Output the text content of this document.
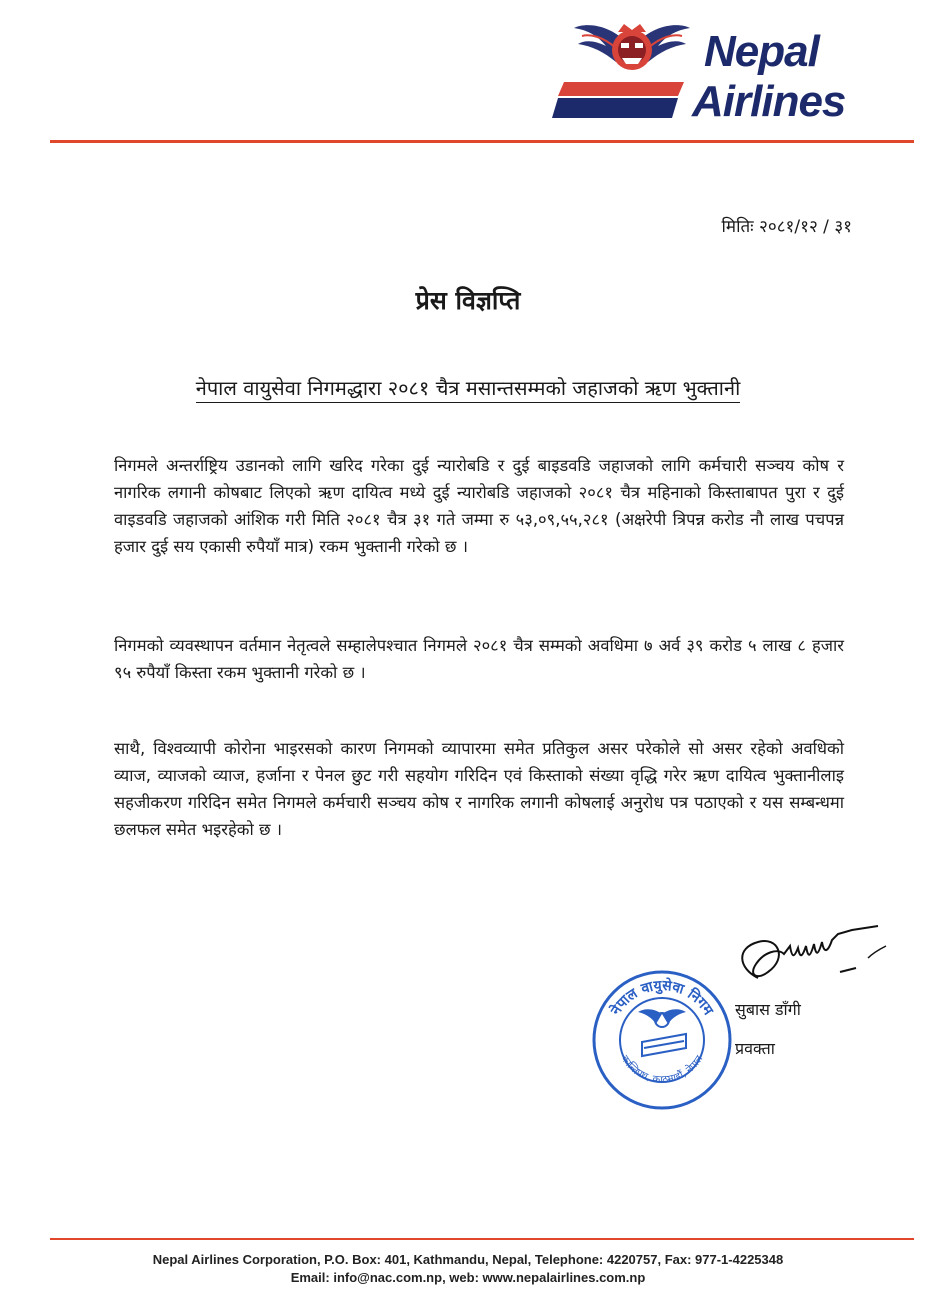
Nepal
Airlines
मितिः २०८१/१२ / ३१
प्रेस विज्ञप्ति
नेपाल वायुसेवा निगमद्धारा २०८१ चैत्र मसान्तसम्मको जहाजको ऋण भुक्तानी
निगमले अन्तर्राष्ट्रिय उडानको लागि खरिद गरेका दुई न्यारोबडि र दुई बाइडवडि जहाजको लागि कर्मचारी सञ्चय कोष र नागरिक लगानी कोषबाट लिएको ऋण दायित्व मध्ये दुई न्यारोबडि जहाजको २०८१ चैत्र महिनाको किस्ताबापत पुरा र दुई वाइडवडि जहाजको आंशिक गरी मिति २०८१ चैत्र ३१ गते जम्मा रु ५३,०९,५५,२८१ (अक्षरेपी त्रिपन्न करोड नौ लाख पचपन्न हजार दुई सय एकासी रुपैयाँ मात्र) रकम भुक्तानी गरेको छ ।
निगमको व्यवस्थापन वर्तमान नेतृत्वले सम्हालेपश्चात निगमले २०८१ चैत्र सम्मको अवधिमा ७ अर्व ३९ करोड ५ लाख ८ हजार ९५ रुपैयाँ किस्ता रकम भुक्तानी गरेको छ ।
साथै, विश्वव्यापी कोरोना भाइरसको कारण निगमको व्यापारमा समेत प्रतिकुल असर परेकोले सो असर रहेको अवधिको व्याज, व्याजको व्याज, हर्जाना र पेनल छुट गरी सहयोग गरिदिन एवं किस्ताको संख्या वृद्धि गरेर ऋण दायित्व भुक्तानीलाइ सहजीकरण गरिदिन समेत निगमले कर्मचारी सञ्चय कोष र नागरिक लगानी कोषलाई अनुरोध पत्र पठाएको र यस सम्बन्धमा छलफल समेत भइरहेको छ ।
नेपाल वायुसेवा निगम
कान्तिपथ, काठमाडौं, नेपाल
सुबास डाँगी
प्रवक्ता
Nepal Airlines Corporation, P.O. Box: 401, Kathmandu, Nepal, Telephone: 4220757, Fax: 977-1-4225348
Email: info@nac.com.np, web: www.nepalairlines.com.np
